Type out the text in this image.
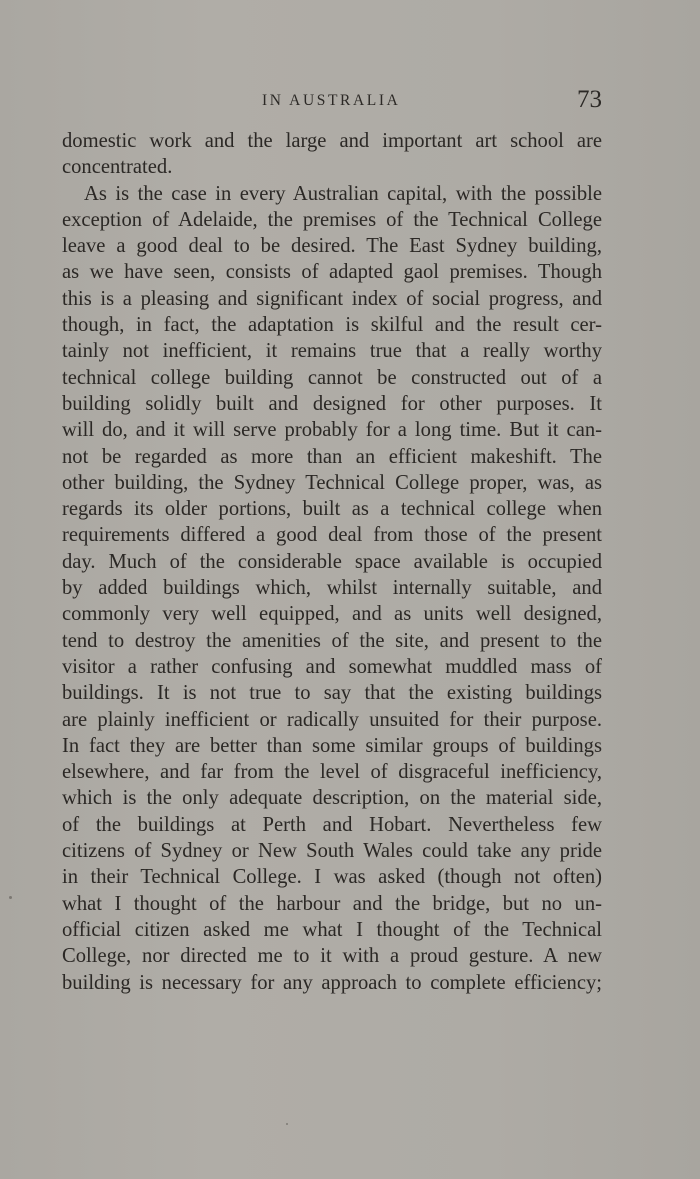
IN AUSTRALIA	73
domestic work and the large and important art school are
concentrated.
As is the case in every Australian capital, with the possible
exception of Adelaide, the premises of the Technical College
leave a good deal to be desired. The East Sydney building,
as we have seen, consists of adapted gaol premises. Though
this is a pleasing and significant index of social progress, and
though, in fact, the adaptation is skilful and the result cer-
tainly not inefficient, it remains true that a really worthy
technical college building cannot be constructed out of a
building solidly built and designed for other purposes. It
will do, and it will serve probably for a long time. But it can-
not be regarded as more than an efficient makeshift. The
other building, the Sydney Technical College proper, was, as
regards its older portions, built as a technical college when
requirements differed a good deal from those of the present
day. Much of the considerable space available is occupied
by added buildings which, whilst internally suitable, and
commonly very well equipped, and as units well designed,
tend to destroy the amenities of the site, and present to the
visitor a rather confusing and somewhat muddled mass of
buildings. It is not true to say that the existing buildings
are plainly inefficient or radically unsuited for their purpose.
In fact they are better than some similar groups of buildings
elsewhere, and far from the level of disgraceful inefficiency,
which is the only adequate description, on the material side,
of the buildings at Perth and Hobart. Nevertheless few
citizens of Sydney or New South Wales could take any pride
in their Technical College. I was asked (though not often)
what I thought of the harbour and the bridge, but no un-
official citizen asked me what I thought of the Technical
College, nor directed me to it with a proud gesture. A new
building is necessary for any approach to complete efficiency;
